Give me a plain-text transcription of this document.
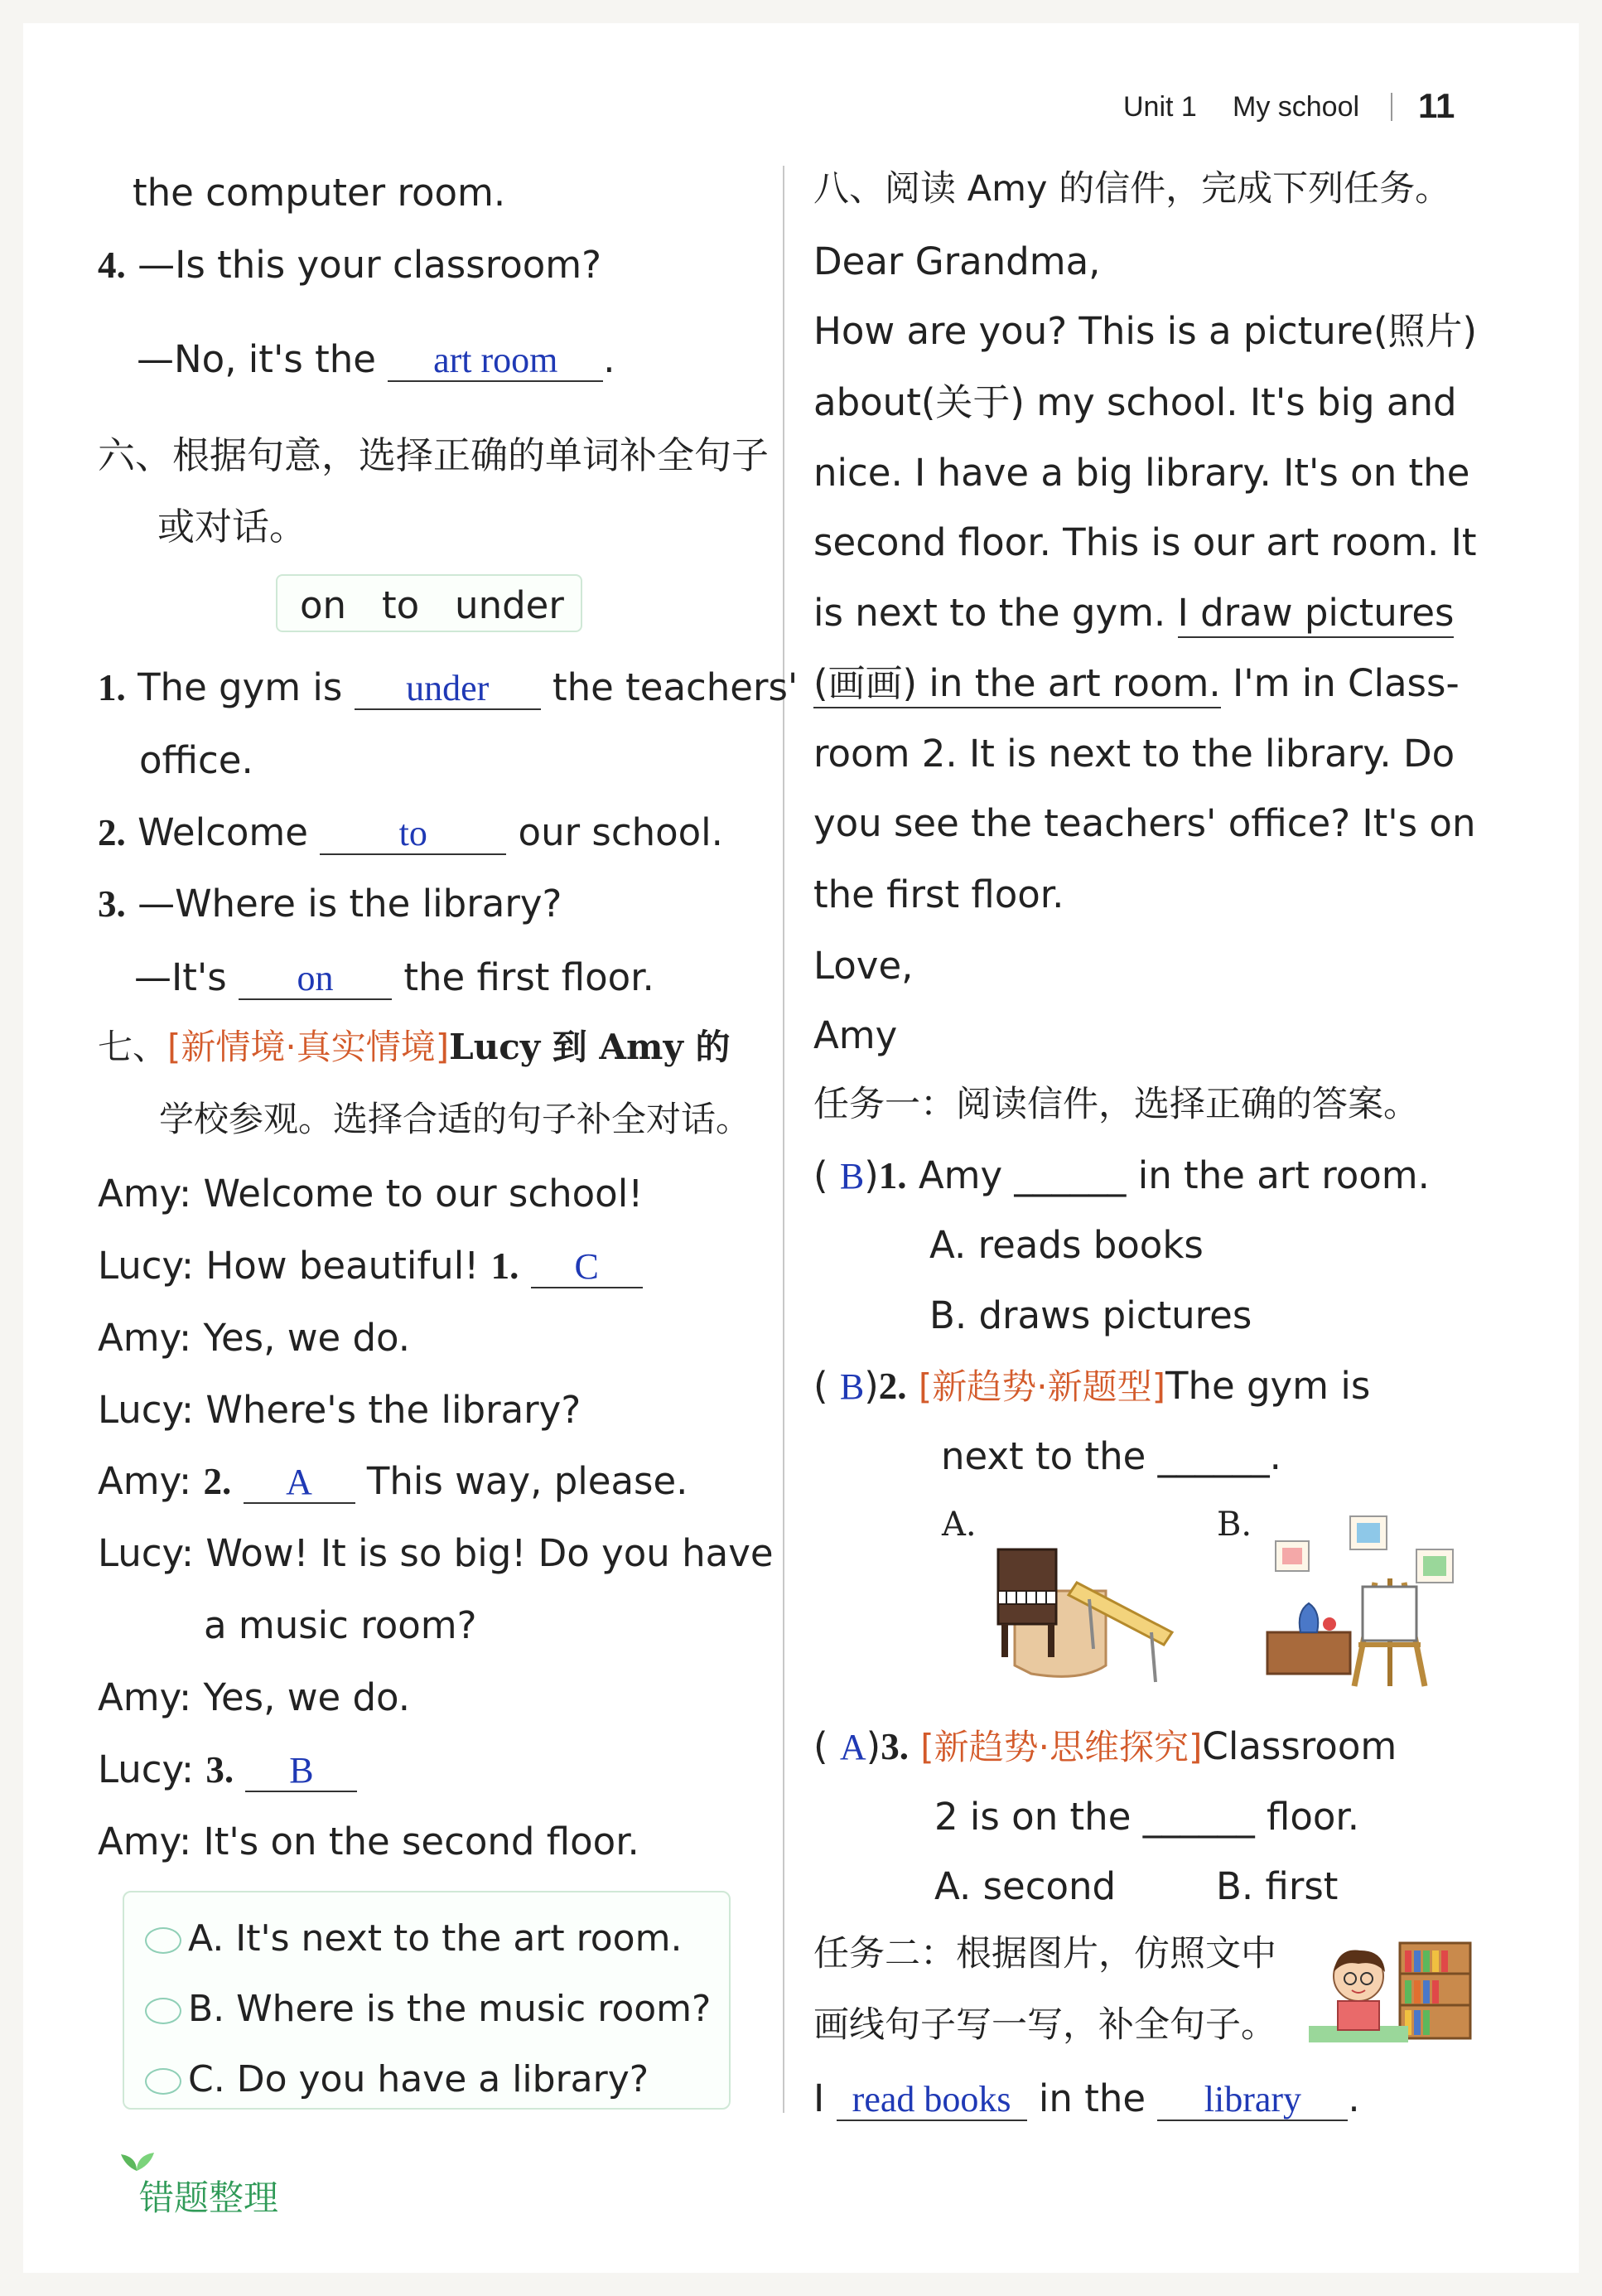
Unit 1 My school 11
the computer room.
4. —Is this your classroom?
—No, it's the art room .
六、根据句意，选择正确的单词补全句子
或对话。
on   to   under
1. The gym is under the teachers'
office.
2. Welcome to our school.
3. —Where is the library?
—It's on the first floor.
七、[新情境·真实情境]Lucy 到 Amy 的
学校参观。选择合适的句子补全对话。
Amy: Welcome to our school!
Lucy: How beautiful! 1. C
Amy: Yes, we do.
Lucy: Where's the library?
Amy: 2. A This way, please.
Lucy: Wow! It is so big! Do you have
a music room?
Amy: Yes, we do.
Lucy: 3. B
Amy: It's on the second floor.
A. It's next to the art room.
B. Where is the music room?
C. Do you have a library?
错题整理
八、阅读 Amy 的信件，完成下列任务。
Dear Grandma,
How are you? This is a picture(照片)
about(关于) my school. It's big and
nice. I have a big library. It's on the
second floor. This is our art room. It
is next to the gym. I draw pictures
(画画) in the art room. I'm in Class-
room 2. It is next to the library. Do
you see the teachers' office? It's on
the first floor.
Love,
Amy
任务一：阅读信件，选择正确的答案。
( B)1. Amy ______ in the art room.
A. reads books
B. draws pictures
( B)2. [新趋势·新题型]The gym is
next to the ______.
A.	B.
( A)3. [新趋势·思维探究]Classroom
2 is on the ______ floor.
A. second	B. first
任务二：根据图片，仿照文中
画线句子写一写，补全句子。
I read books in the library .
